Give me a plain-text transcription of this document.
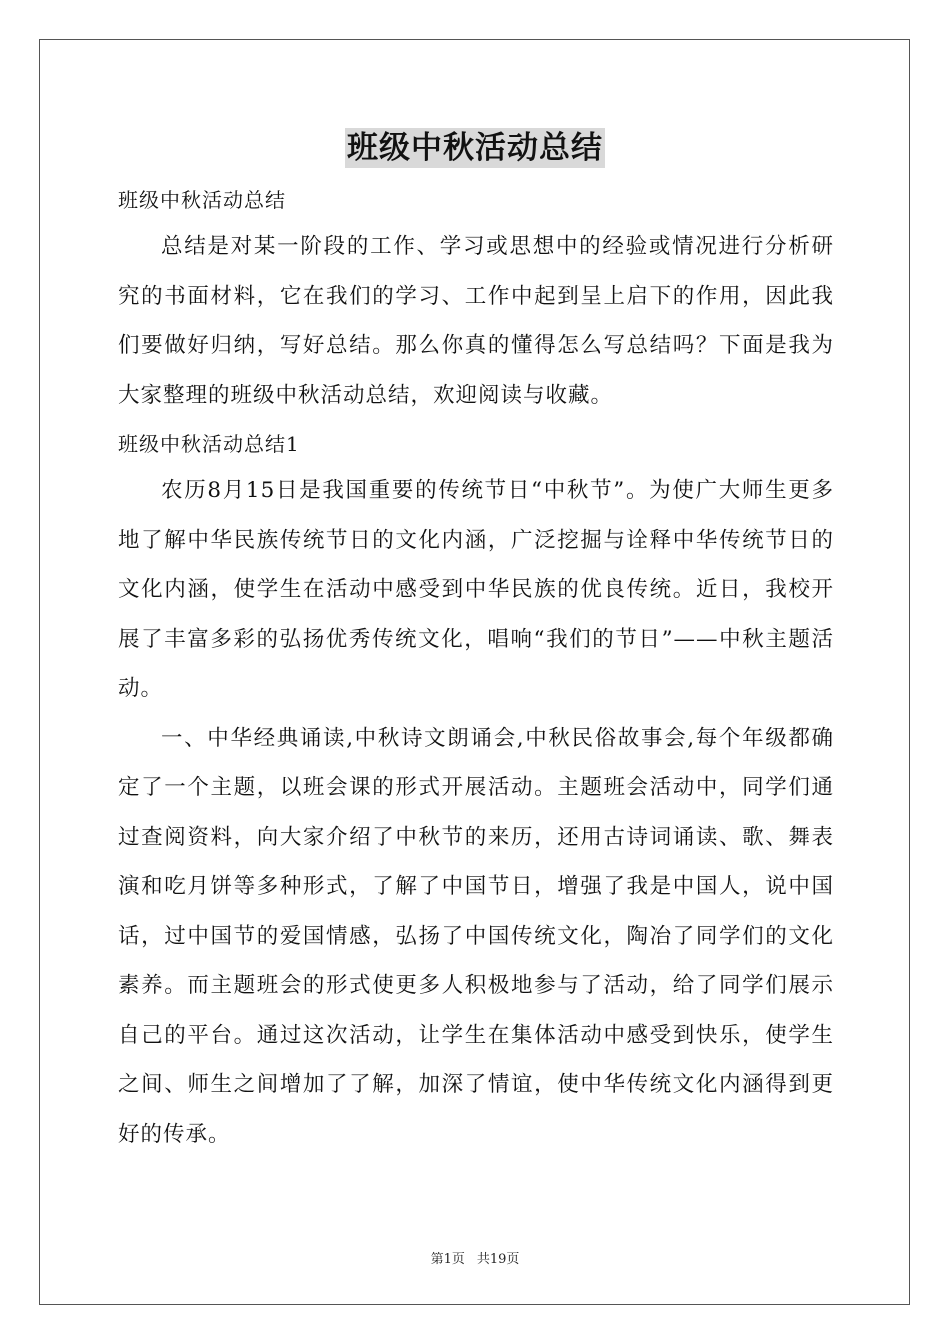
班级中秋活动总结

班级中秋活动总结

总结是对某一阶段的工作、学习或思想中的经验或情况进行分析研究的书面材料，它在我们的学习、工作中起到呈上启下的作用，因此我们要做好归纳，写好总结。那么你真的懂得怎么写总结吗？下面是我为大家整理的班级中秋活动总结，欢迎阅读与收藏。

班级中秋活动总结1

农历8月15日是我国重要的传统节日“中秋节”。为使广大师生更多地了解中华民族传统节日的文化内涵，广泛挖掘与诠释中华传统节日的文化内涵，使学生在活动中感受到中华民族的优良传统。近日，我校开展了丰富多彩的弘扬优秀传统文化，唱响“我们的节日”——中秋主题活动。

一、中华经典诵读,中秋诗文朗诵会,中秋民俗故事会,每个年级都确定了一个主题，以班会课的形式开展活动。主题班会活动中，同学们通过查阅资料，向大家介绍了中秋节的来历，还用古诗词诵读、歌、舞表演和吃月饼等多种形式，了解了中国节日，增强了我是中国人，说中国话，过中国节的爱国情感，弘扬了中国传统文化，陶冶了同学们的文化素养。而主题班会的形式使更多人积极地参与了活动，给了同学们展示自己的平台。通过这次活动，让学生在集体活动中感受到快乐，使学生之间、师生之间增加了了解，加深了情谊，使中华传统文化内涵得到更好的传承。

第1页 共19页
